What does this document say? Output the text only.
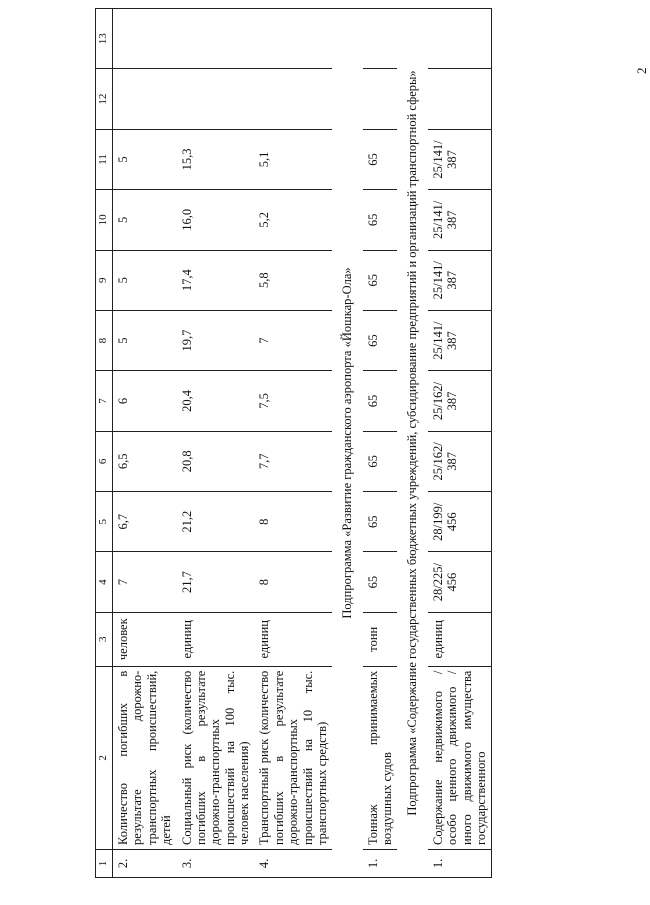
2
1	2	3	4	5	6	7	8	9	10	11	12	13
2.	Количество погибших в результате дорожно-транспортных происшествий, детей	человек	7	6,7	6,5	6	5	5	5	5		
3.	Социальный риск (количество погибших в результате дорожно-транспортных происшествий на 100 тыс. человек населения)	единиц	21,7	21,2	20,8	20,4	19,7	17,4	16,0	15,3		
4.	Транспортный риск (количество погибших в результате дорожно-транспортных происшествий на 10 тыс. транспортных средств)	единиц	8	8	7,7	7,5	7	5,8	5,2	5,1		
Подпрограмма «Развитие гражданского аэропорта «Йошкар-Ола»												
1.	Тоннаж принимаемых воздушных судов	тонн	65	65	65	65	65	65	65	65		
Подпрограмма «Содержание государственных бюджетных учреждений, субсидирование предприятий и организаций транспортной сферы»												
1.	Содержание недвижимого / особо ценного движимого / иного движимого имущества государственного	единиц	28/225/ 456	28/199/ 456	25/162/ 387	25/162/ 387	25/141/ 387	25/141/ 387	25/141/ 387	25/141/ 387		
